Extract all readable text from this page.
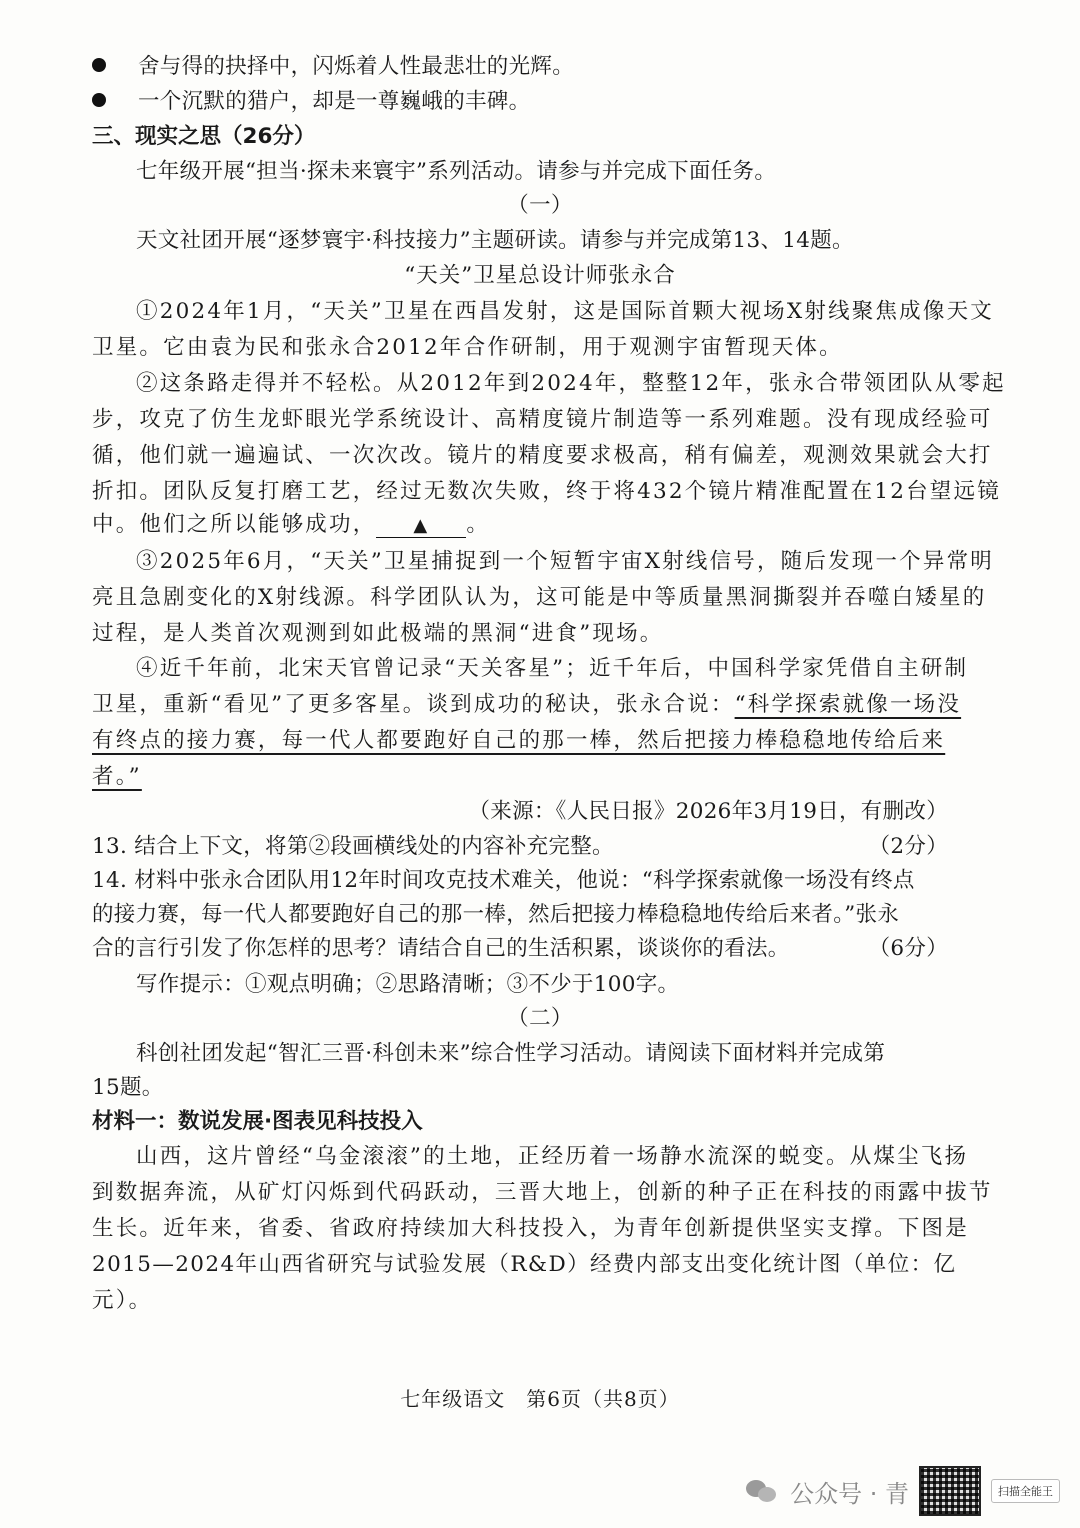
舍与得的抉择中，闪烁着人性最悲壮的光辉。
一个沉默的猎户，却是一尊巍峨的丰碑。
三、现实之思（26分）
七年级开展“担当·探未来寰宇”系列活动。请参与并完成下面任务。
（一）
天文社团开展“逐梦寰宇·科技接力”主题研读。请参与并完成第13、14题。
“天关”卫星总设计师张永合
①2024年1月，“天关”卫星在西昌发射，这是国际首颗大视场X射线聚焦成像天文
卫星。它由袁为民和张永合2012年合作研制，用于观测宇宙暂现天体。
②这条路走得并不轻松。从2012年到2024年，整整12年，张永合带领团队从零起
步，攻克了仿生龙虾眼光学系统设计、高精度镜片制造等一系列难题。没有现成经验可
循，他们就一遍遍试、一次次改。镜片的精度要求极高，稍有偏差，观测效果就会大打
折扣。团队反复打磨工艺，经过无数次失败，终于将432个镜片精准配置在12台望远镜
中。他们之所以能够成功， ▲ 。
③2025年6月，“天关”卫星捕捉到一个短暂宇宙X射线信号，随后发现一个异常明
亮且急剧变化的X射线源。科学团队认为，这可能是中等质量黑洞撕裂并吞噬白矮星的
过程，是人类首次观测到如此极端的黑洞“进食”现场。
④近千年前，北宋天官曾记录“天关客星”；近千年后，中国科学家凭借自主研制
卫星，重新“看见”了更多客星。谈到成功的秘诀，张永合说：“科学探索就像一场没
有终点的接力赛，每一代人都要跑好自己的那一棒，然后把接力棒稳稳地传给后来
者。”
（来源：《人民日报》2026年3月19日，有删改）
13. 结合上下文，将第②段画横线处的内容补充完整。	（2分）
14. 材料中张永合团队用12年时间攻克技术难关，他说：“科学探索就像一场没有终点
的接力赛，每一代人都要跑好自己的那一棒，然后把接力棒稳稳地传给后来者。”张永
合的言行引发了你怎样的思考？请结合自己的生活积累，谈谈你的看法。	（6分）
写作提示：①观点明确；②思路清晰；③不少于100字。
（二）
科创社团发起“智汇三晋·科创未来”综合性学习活动。请阅读下面材料并完成第
15题。
材料一：数说发展·图表见科技投入
山西，这片曾经“乌金滚滚”的土地，正经历着一场静水流深的蜕变。从煤尘飞扬
到数据奔流，从矿灯闪烁到代码跃动，三晋大地上，创新的种子正在科技的雨露中拔节
生长。近年来，省委、省政府持续加大科技投入，为青年创新提供坚实支撑。下图是
2015—2024年山西省研究与试验发展（R&D）经费内部支出变化统计图（单位：亿
元）。
七年级语文　第6页（共8页）
公众号 · 青	扫描全能王
